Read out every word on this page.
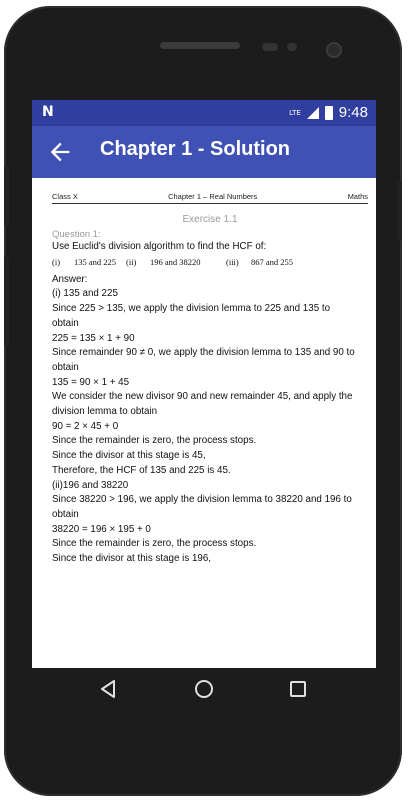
N	LTE	9:48
Chapter 1 - Solution
Class X	Chapter 1 – Real Numbers	Maths
Exercise 1.1
Question 1:
Use Euclid's division algorithm to find the HCF of:
(i)	135 and 225	(ii)	196 and 38220	(iii)	867 and 255
Answer:
(i) 135 and 225
Since 225 > 135, we apply the division lemma to 225 and 135 to
obtain
225 = 135 × 1 + 90
Since remainder 90 ≠ 0, we apply the division lemma to 135 and 90 to
obtain
135 = 90 × 1 + 45
We consider the new divisor 90 and new remainder 45, and apply the
division lemma to obtain
90 = 2 × 45 + 0
Since the remainder is zero, the process stops.
Since the divisor at this stage is 45,
Therefore, the HCF of 135 and 225 is 45.
(ii)196 and 38220
Since 38220 > 196, we apply the division lemma to 38220 and 196 to
obtain
38220 = 196 × 195 + 0
Since the remainder is zero, the process stops.
Since the divisor at this stage is 196,
